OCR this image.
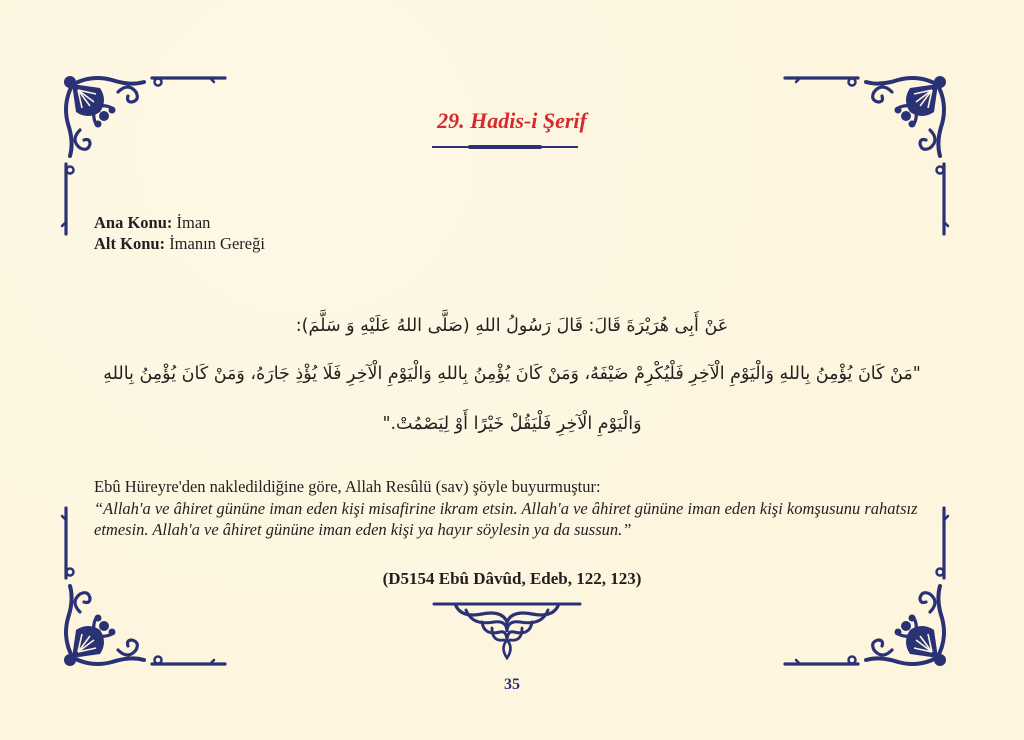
29. Hadis-i Şerif
Ana Konu: İman
Alt Konu: İmanın Gereği
عَنْ أَبِى هُرَيْرَةَ قَالَ: قَالَ رَسُولُ اللهِ (صَلَّى اللهُ عَلَيْهِ وَ سَلَّمَ):
"مَنْ كَانَ يُؤْمِنُ بِاللهِ وَالْيَوْمِ الْآخِرِ فَلْيُكْرِمْ ضَيْفَهُ، وَمَنْ كَانَ يُؤْمِنُ بِاللهِ وَالْيَوْمِ الْآخِرِ فَلَا يُؤْذِ جَارَهُ، وَمَنْ كَانَ يُؤْمِنُ بِاللهِ
وَالْيَوْمِ الْآخِرِ فَلْيَقُلْ خَيْرًا أَوْ لِيَصْمُتْ."
Ebû Hüreyre'den nakledildiğine göre, Allah Resûlü (sav) şöyle buyurmuştur:
“Allah'a ve âhiret gününe iman eden kişi misafirine ikram etsin. Allah'a ve âhiret gününe iman eden kişi komşusunu rahatsız etmesin. Allah'a ve âhiret gününe iman eden kişi ya hayır söylesin ya da sussun.”
(D5154 Ebû Dâvûd, Edeb, 122, 123)
35
